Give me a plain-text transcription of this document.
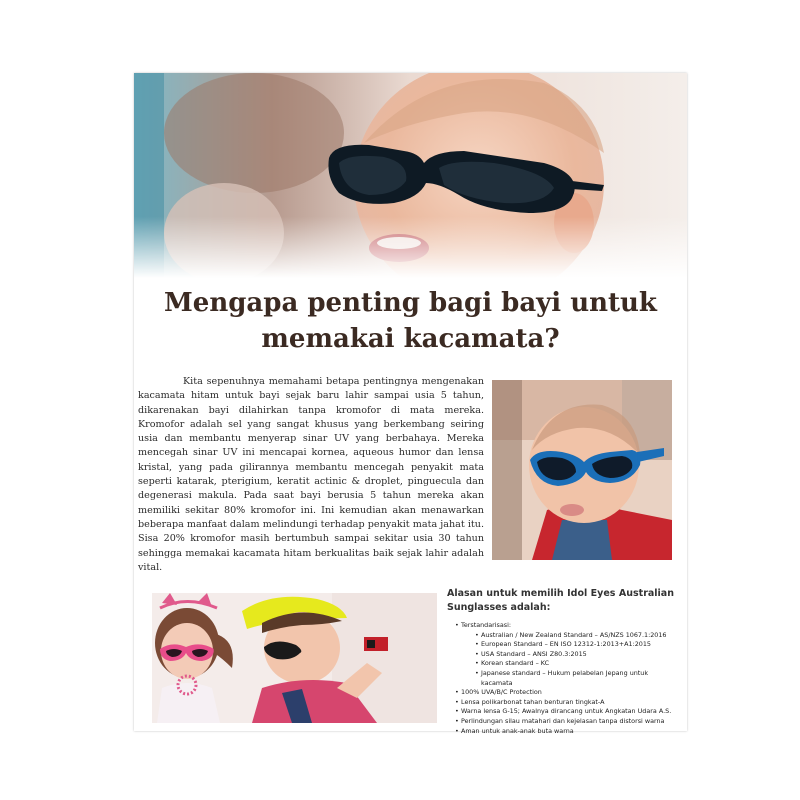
Mengapa penting bagi bayi untuk memakai kacamata?

Kita sepenuhnya memahami betapa pentingnya mengenakan kacamata hitam untuk bayi sejak baru lahir sampai usia 5 tahun, dikarenakan bayi dilahirkan tanpa kromofor di mata mereka. Kromofor adalah sel yang sangat khusus yang berkembang seiring usia dan membantu menyerap sinar UV yang berbahaya. Mereka mencegah sinar UV ini mencapai kornea, aqueous humor dan lensa kristal, yang pada gilirannya membantu mencegah penyakit mata seperti katarak, pterigium, keratit actinic & droplet, pinguecula dan degenerasi makula. Pada saat bayi berusia 5 tahun mereka akan memiliki sekitar 80% kromofor ini. Ini kemudian akan menawarkan beberapa manfaat dalam melindungi terhadap penyakit mata jahat itu. Sisa 20% kromofor masih bertumbuh sampai sekitar usia 30 tahun sehingga memakai kacamata hitam berkualitas baik sejak lahir adalah vital.

Alasan untuk memilih Idol Eyes Australian Sunglasses adalah:
• Terstandarisasi:
• Australian / New Zealand Standard – AS/NZS 1067.1:2016
• European Standard – EN ISO 12312-1:2013+A1:2015
• USA Standard – ANSI Z80.3:2015
• Korean standard – KC
• Japanese standard – Hukum pelabelan Jepang untuk kacamata
• 100% UVA/B/C Protection
• Lensa polikarbonat tahan benturan tingkat-A
• Warna lensa G-15; Awalnya dirancang untuk Angkatan Udara A.S.
• Perlindungan silau matahari dan kejelasan tanpa distorsi warna
• Aman untuk anak-anak buta warna
